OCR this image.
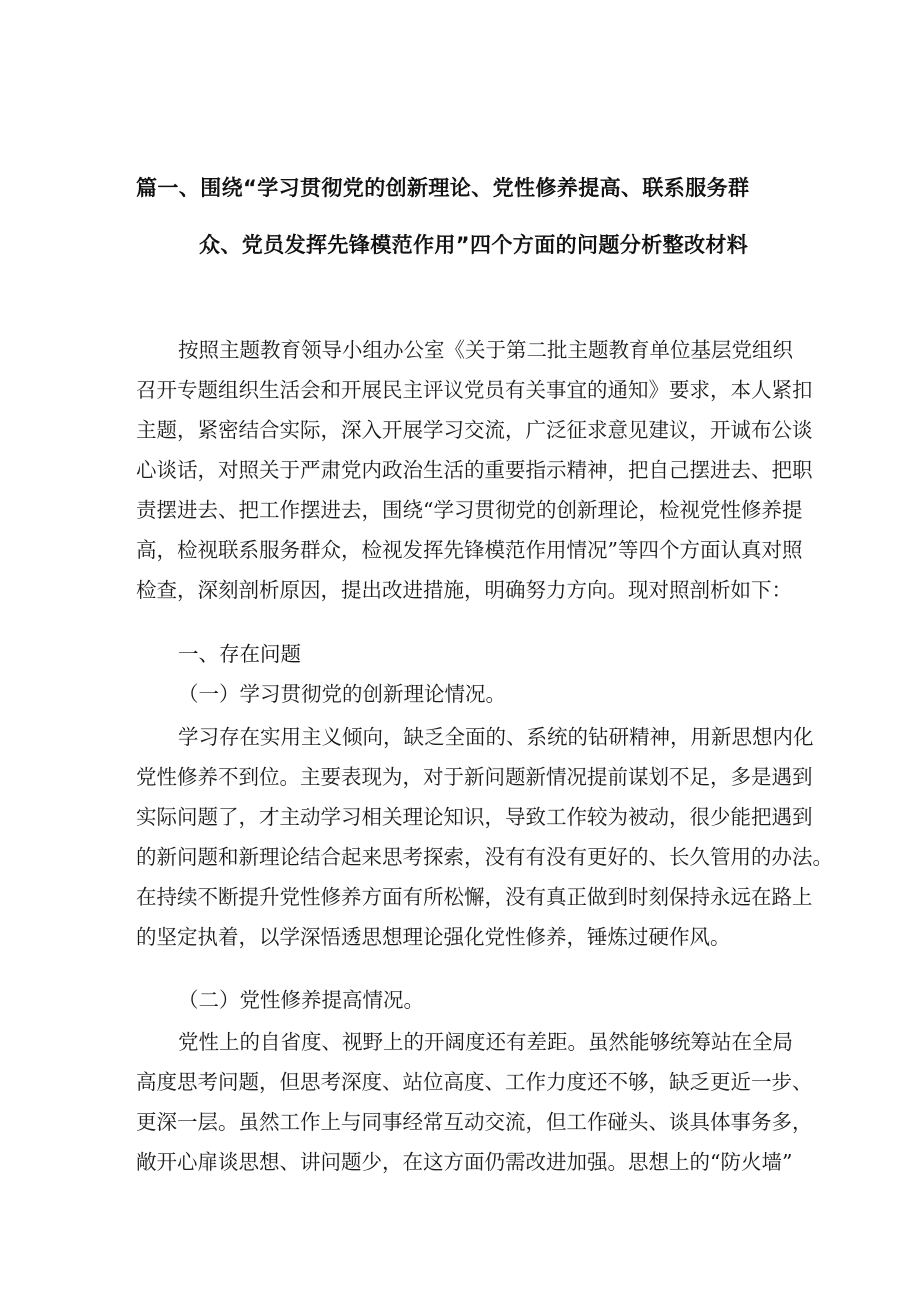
篇一、围绕“学习贯彻党的创新理论、党性修养提高、联系服务群
众、党员发挥先锋模范作用”四个方面的问题分析整改材料
按照主题教育领导小组办公室《关于第二批主题教育单位基层党组织
召开专题组织生活会和开展民主评议党员有关事宜的通知》要求，本人紧扣
主题，紧密结合实际，深入开展学习交流，广泛征求意见建议，开诚布公谈
心谈话，对照关于严肃党内政治生活的重要指示精神，把自己摆进去、把职
责摆进去、把工作摆进去，围绕“学习贯彻党的创新理论，检视党性修养提
高，检视联系服务群众，检视发挥先锋模范作用情况”等四个方面认真对照
检查，深刻剖析原因，提出改进措施，明确努力方向。现对照剖析如下：
一、存在问题
（一）学习贯彻党的创新理论情况。
学习存在实用主义倾向，缺乏全面的、系统的钻研精神，用新思想内化
党性修养不到位。主要表现为，对于新问题新情况提前谋划不足，多是遇到
实际问题了，才主动学习相关理论知识，导致工作较为被动，很少能把遇到
的新问题和新理论结合起来思考探索，没有有没有更好的、长久管用的办法。
在持续不断提升党性修养方面有所松懈，没有真正做到时刻保持永远在路上
的坚定执着，以学深悟透思想理论强化党性修养，锤炼过硬作风。
（二）党性修养提高情况。
党性上的自省度、视野上的开阔度还有差距。虽然能够统筹站在全局
高度思考问题，但思考深度、站位高度、工作力度还不够，缺乏更近一步、
更深一层。虽然工作上与同事经常互动交流，但工作碰头、谈具体事务多，
敞开心扉谈思想、讲问题少，在这方面仍需改进加强。思想上的“防火墙”
